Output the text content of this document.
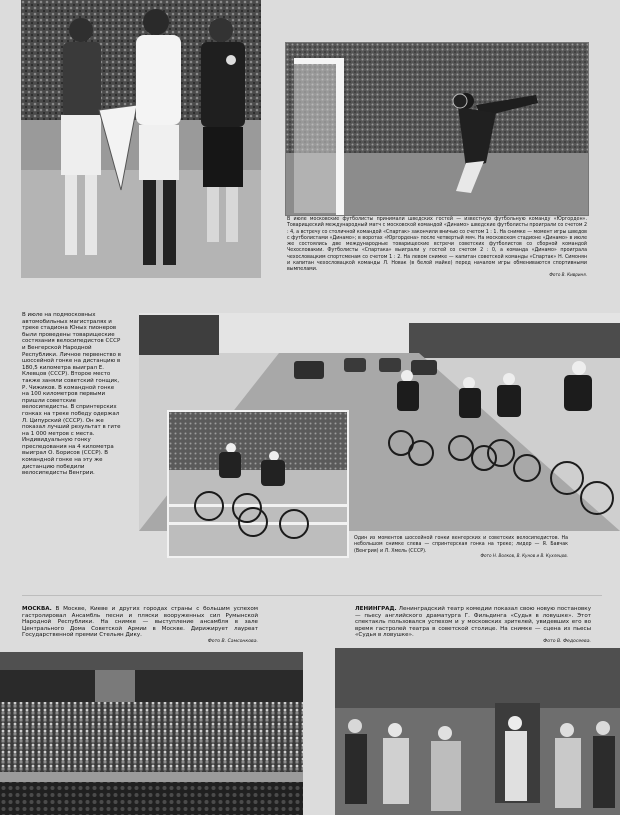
В июле московские футболисты принимали шведских гостей — известную футбольную команду «Юргорден». Товарищеский международный матч с московской командой «Динамо» шведские футболисты проиграли со счетом 2 : 4, а встречу со столичной командой «Спартак» закончили вничью со счетом 1 : 1. На снимке — момент игры шведов с футболистами «Динамо»; в воротах «Юргордена» после четвертый мяч. На московском стадионе «Динамо» в июле же состоялись две международные товарищеские встречи советских футболистов со сборной командой Чехословакии. Футболисты «Спартака» выиграли у гостей со счетом 2 : 0, а команда «Динамо» проиграла чехословацким спортсменам со счетом 1 : 2. На левом снимке — капитан советской команды «Спартак» Н. Симонян и капитан чехословацкой команды Л. Новак (в белой майке) перед началом игры обмениваются спортивными вымпелами.
Фото В. Кивриня.
В июле на подмосковных автомобильных магистралях и треке стадиона Юных пионеров были проведены товарищеские состязания велосипедистов СССР и Венгерской Народной Республики. Личное первенство в шоссейной гонке на дистанцию в 180,5 километра выиграл Е. Клевцов (СССР). Второе место также заняли советский гонщик, Р. Чижиков. В командной гонке на 100 километров первыми пришли советские велосипедисты. В спринтерских гонках на треке победу одержал Л. Ципурский (СССР). Он же показал лучший результат в гите на 1 000 метров с места. Индивидуальную гонку преследования на 4 километра выиграл О. Борисов (СССР). В командной гонке на эту же дистанцию победили велосипедисты Венгрии.
Один из моментов шоссейной гонки венгерских и советских велосипедистов. На небольшом снимке слева — спринтерская гонка на треке; лидер — Я. Бавчак (Венгрия) и Л. Хмель (СССР).
Фото Н. Волков, В. Кунов и В. Кухлецов.
МОСКВА. В Москве, Киеве и других городах страны с большим успехом гастролировал Ансамбль песни и пляски вооруженных сил Румынской Народной Республики. На снимке — выступление ансамбля в зале Центрального Дома Советской Армии в Москве. Дирижирует лауреат Государственной премии Стельян Дику.
Фото В. Самсонкова.
ЛЕНИНГРАД. Ленинградский театр комедии показал свою новую постановку — пьесу английского драматурга Г. Фильдинга «Судья в ловушке». Этот спектакль пользовался успехом и у московских зрителей, увидевших его во время гастролей театра в советской столице. На снимке — сцена из пьесы «Судья в ловушке».
Фото В. Федосеева.
